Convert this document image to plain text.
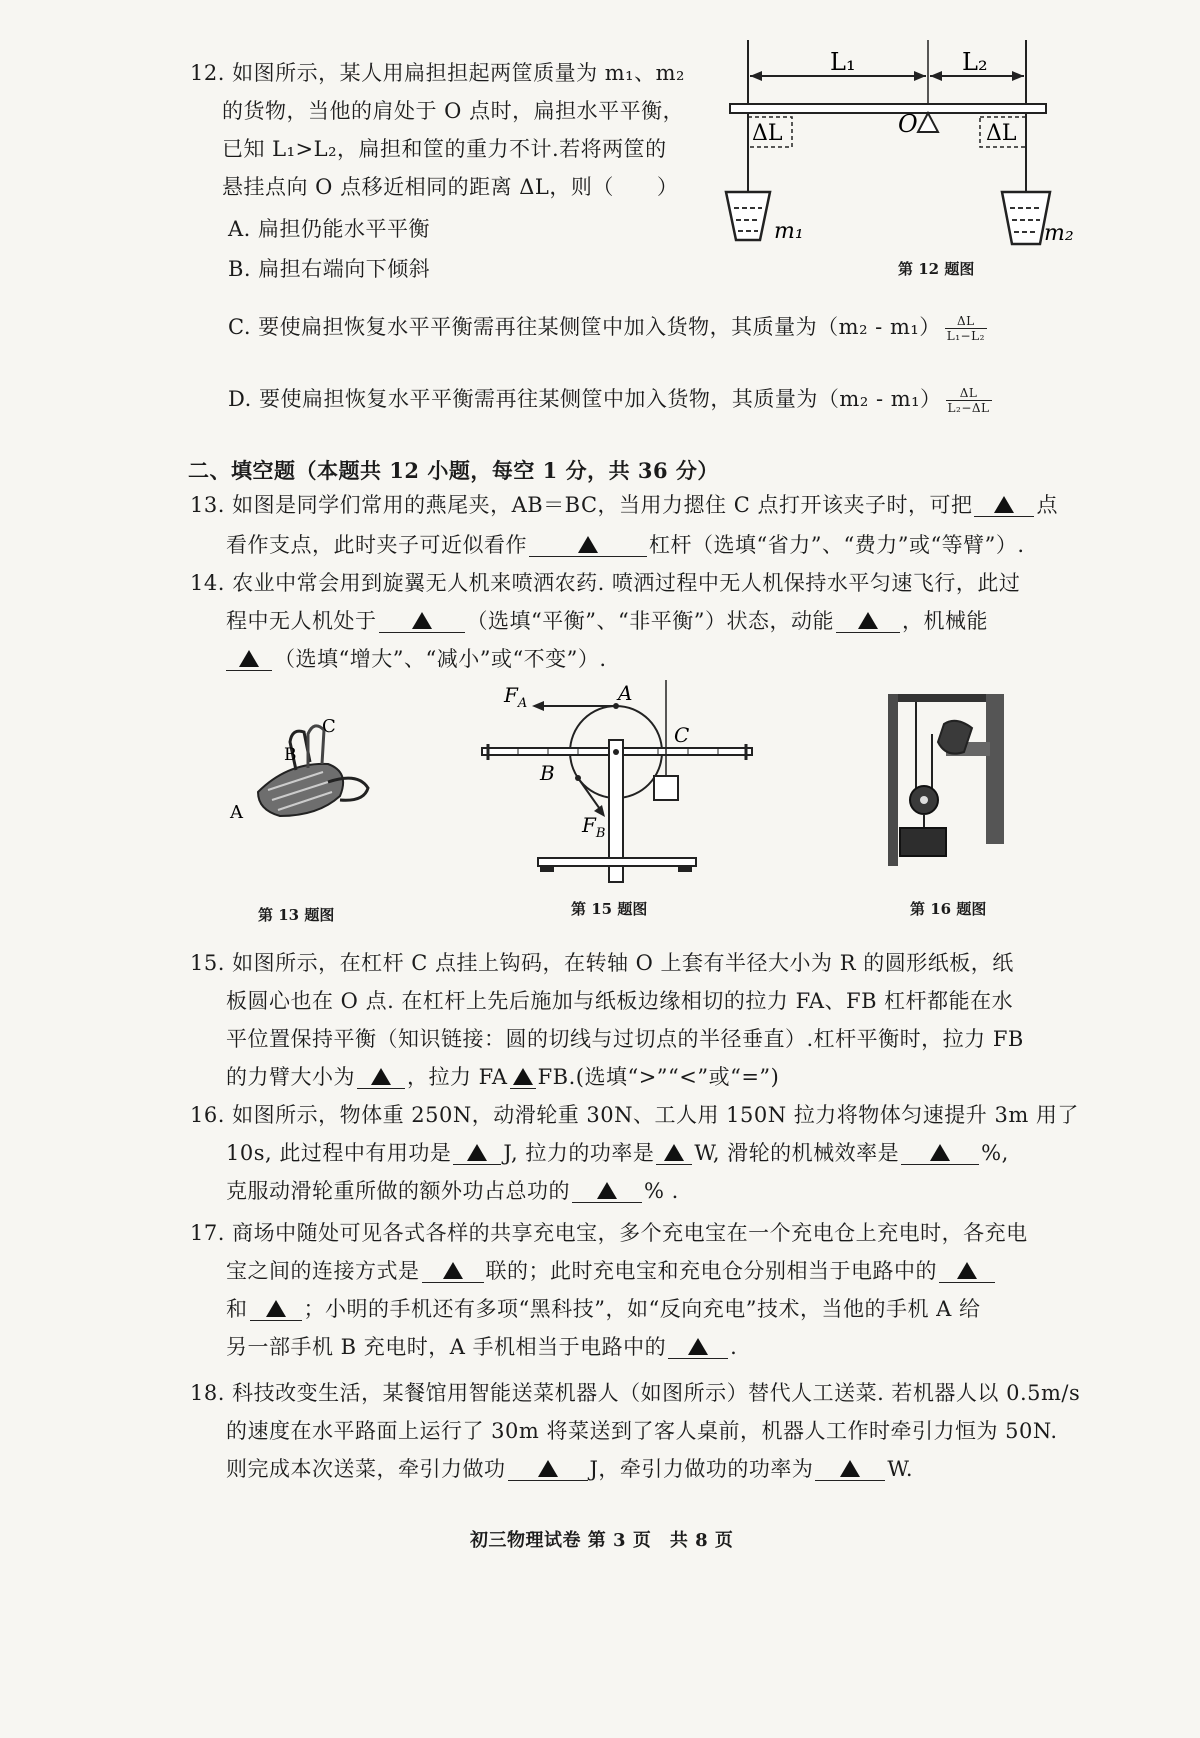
12. 如图所示，某人用扁担担起两筐质量为 m₁、m₂
的货物，当他的肩处于 O 点时，扁担水平平衡，
已知 L₁>L₂，扁担和筐的重力不计.若将两筐的
悬挂点向 O 点移近相同的距离 ΔL，则（　　）
A. 扁担仍能水平平衡
B. 扁担右端向下倾斜
C. 要使扁担恢复水平平衡需再往某侧筐中加入货物，其质量为$(m_2 - m_1) \frac{\Delta L}{\text{L₁−L₂}}$
D. 要使扁担恢复水平平衡需再往某侧筐中加入货物，其质量为$(m_2 - m_1) \frac{\Delta L}{\text{L₂−ΔL}}$
L₁	L₂
O
ΔL	ΔL
m₁	m₂
第 12 题图
二、填空题（本题共 12 小题，每空 1 分，共 36 分）
13. 如图是同学们常用的燕尾夹，AB＝BC，当用力摁住 C 点打开该夹子时，可把	点
看作支点，此时夹子可近似看作	杠杆（选填“省力”、“费力”或“等臂”）.
14. 农业中常会用到旋翼无人机来喷洒农药. 喷洒过程中无人机保持水平匀速飞行，此过
程中无人机处于	（选填“平衡”、“非平衡”）状态，动能	，机械能
（选填“增大”、“减小”或“不变”）.
A
B
C
第 13 题图
$F_A$	A
C
B
$F_B$
第 15 题图	第 16 题图
15. 如图所示，在杠杆 C 点挂上钩码，在转轴 O 上套有半径大小为 R 的圆形纸板，纸
板圆心也在 O 点. 在杠杆上先后施加与纸板边缘相切的拉力 FA、FB 杠杆都能在水
平位置保持平衡（知识链接：圆的切线与过切点的半径垂直）.杠杆平衡时，拉力 FB
的力臂大小为 ，拉力 FA FB.(选填“>”“<”或“=”)
16. 如图所示，物体重 250N，动滑轮重 30N、工人用 150N 拉力将物体匀速提升 3m 用了
10s, 此过程中有用功是 J, 拉力的功率是 W, 滑轮的机械效率是	%,
克服动滑轮重所做的额外功占总功的	% .
17. 商场中随处可见各式各样的共享充电宝，多个充电宝在一个充电仓上充电时，各充电
宝之间的连接方式是	联的；此时充电宝和充电仓分别相当于电路中的
和	；小明的手机还有多项“黑科技”，如“反向充电”技术，当他的手机 A 给
另一部手机 B 充电时，A 手机相当于电路中的	.
18. 科技改变生活，某餐馆用智能送菜机器人（如图所示）替代人工送菜. 若机器人以 0.5m/s
的速度在水平路面上运行了 30m 将菜送到了客人桌前，机器人工作时牵引力恒为 50N.
则完成本次送菜，牵引力做功	J，牵引力做功的功率为	W.
初三物理试卷 第 3 页　共 8 页
